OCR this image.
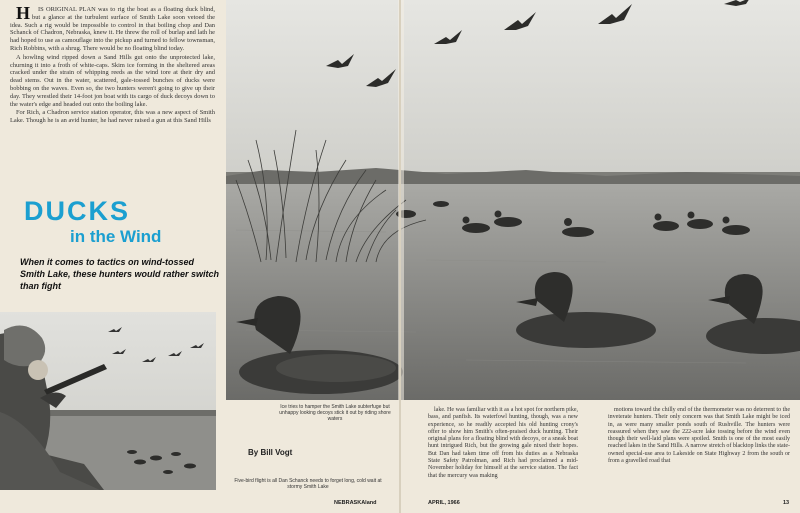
H IS ORIGINAL PLAN was to rig the boat as a floating duck blind, but a glance at the turbulent surface of Smith Lake soon vetoed the idea. Such a rig would be impossible to control in that boiling chop and Dan Schanck of Chadron, Nebraska, knew it. He threw the roll of burlap and lath he had hoped to use as camouflage into the pickup and turned to fellow townsman, Rich Robbins, with a shrug. There would be no floating blind today.

A howling wind ripped down a Sand Hills gut onto the unprotected lake, churning it into a froth of white-caps. Skim ice forming in the sheltered areas cracked under the strain of whipping reeds as the wind tore at their dry and dead stems. Out in the water, scattered, gale-tossed bunches of ducks were bobbing on the waves. Even so, the two hunters weren't going to give up their day. They wrestled their 14-foot jon boat with its cargo of duck decoys down to the water's edge and headed out onto the boiling lake.

For Rich, a Chadron service station operator, this was a new aspect of Smith Lake. Though he is an avid hunter, he had never raised a gun at this Sand Hills

DUCKS
in the Wind
When it comes to tactics on wind-tossed Smith Lake, these hunters would rather switch than fight
Ice tries to hamper the Smith Lake subterfuge but unhappy looking decoys stick it out by riding shore waters
By Bill Vogt
Five-bird flight is all Dan Schanck needs to forget long, cold wait at stormy Smith Lake

lake. He was familiar with it as a hot spot for northern pike, bass, and panfish. Its waterfowl hunting, though, was a new experience, so he readily accepted his old hunting crony's offer to show him Smith's often-praised duck hunting. Their original plans for a floating blind with decoys, or a sneak boat hunt intrigued Rich, but the growing gale nixed their hopes. But Dan had taken time off from his duties as a Nebraska State Safety Patrolman, and Rich had proclaimed a mid-November holiday for himself at the service station. The fact that the mercury was making

motions toward the chilly end of the thermometer was no deterrent to the inveterate hunters. Their only concern was that Smith Lake might be iced in, as were many smaller ponds south of Rushville. The hunters were reassured when they saw the 222-acre lake tossing before the wind even though their well-laid plans were spoiled. Smith is one of the most easily reached lakes in the Sand Hills. A narrow stretch of blacktop links the state-owned special-use area to Lakeside on State Highway 2 from the south or from a gravelled road that

NEBRASKAland	APRIL, 1966	13
